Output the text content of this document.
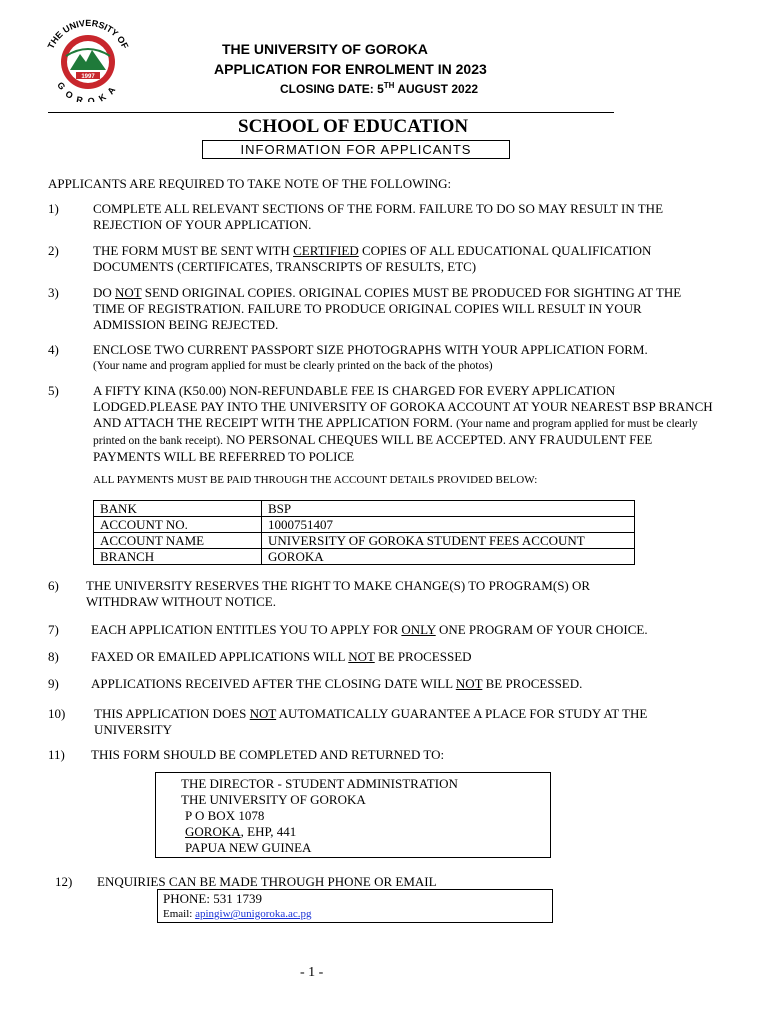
1997
THE UNIVERSITY OF
GOROKA
THE UNIVERSITY OF GOROKA
APPLICATION FOR ENROLMENT IN 2023
CLOSING DATE: 5TH AUGUST 2022
SCHOOL OF EDUCATION
INFORMATION FOR APPLICANTS
APPLICANTS ARE REQUIRED TO TAKE NOTE OF THE FOLLOWING:
1)	COMPLETE ALL RELEVANT SECTIONS OF THE FORM. FAILURE TO DO SO MAY RESULT IN THE REJECTION OF YOUR APPLICATION.
2)	THE FORM MUST BE SENT WITH CERTIFIED COPIES OF ALL EDUCATIONAL QUALIFICATION DOCUMENTS (CERTIFICATES, TRANSCRIPTS OF RESULTS, ETC)
3)	DO NOT SEND ORIGINAL COPIES. ORIGINAL COPIES MUST BE PRODUCED FOR SIGHTING AT THE TIME OF REGISTRATION. FAILURE TO PRODUCE ORIGINAL COPIES WILL RESULT IN YOUR ADMISSION BEING REJECTED.
4)	ENCLOSE TWO CURRENT PASSPORT SIZE PHOTOGRAPHS WITH YOUR APPLICATION FORM.
(Your name and program applied for must be clearly printed on the back of the photos)
5)	A FIFTY KINA (K50.00) NON-REFUNDABLE FEE IS CHARGED FOR EVERY APPLICATION LODGED.PLEASE PAY INTO THE UNIVERSITY OF GOROKA ACCOUNT AT YOUR NEAREST BSP BRANCH AND ATTACH THE RECEIPT WITH THE APPLICATION FORM. (Your name and program applied for must be clearly printed on the bank receipt). NO PERSONAL CHEQUES WILL BE ACCEPTED. ANY FRAUDULENT FEE PAYMENTS WILL BE REFERRED TO POLICE
ALL PAYMENTS MUST BE PAID THROUGH THE ACCOUNT DETAILS PROVIDED BELOW:
BANK	BSP
ACCOUNT NO.	1000751407
ACCOUNT NAME	UNIVERSITY OF GOROKA STUDENT FEES ACCOUNT
BRANCH	GOROKA
6) THE UNIVERSITY RESERVES THE RIGHT TO MAKE CHANGE(S) TO PROGRAM(S) OR WITHDRAW WITHOUT NOTICE.
7) EACH APPLICATION ENTITLES YOU TO APPLY FOR ONLY ONE PROGRAM OF YOUR CHOICE.
8) FAXED OR EMAILED APPLICATIONS WILL NOT BE PROCESSED
9) APPLICATIONS RECEIVED AFTER THE CLOSING DATE WILL NOT BE PROCESSED.
10) THIS APPLICATION DOES NOT AUTOMATICALLY GUARANTEE A PLACE FOR STUDY AT THE UNIVERSITY
11) THIS FORM SHOULD BE COMPLETED AND RETURNED TO:
THE DIRECTOR - STUDENT ADMINISTRATION
THE UNIVERSITY OF GOROKA
P O BOX 1078
GOROKA, EHP, 441
PAPUA NEW GUINEA
12) ENQUIRIES CAN BE MADE THROUGH PHONE OR EMAIL
PHONE: 531 1739
Email: apingiw@unigoroka.ac.pg
- 1 -
